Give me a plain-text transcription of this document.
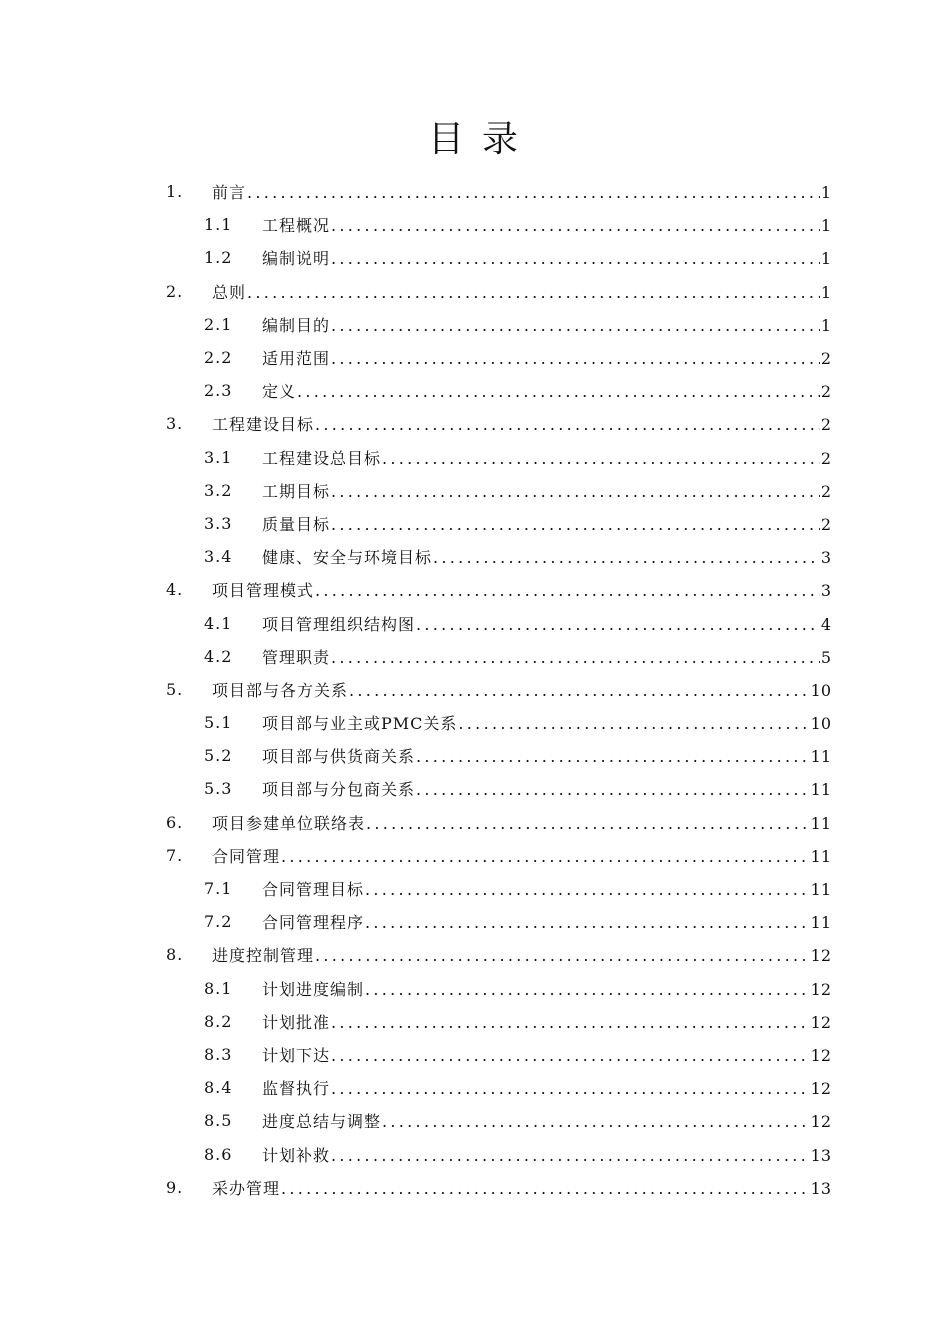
目录
1. 前言 .....	1
1.1 工程概况 .....	1
1.2 编制说明 .....	1
2. 总则 .....	1
2.1 编制目的 .....	1
2.2 适用范围 .....	2
2.3 定义 .....	2
3. 工程建设目标 .....	2
3.1 工程建设总目标 .....	2
3.2 工期目标 .....	2
3.3 质量目标 .....	2
3.4 健康、安全与环境目标 .....	3
4. 项目管理模式 .....	3
4.1 项目管理组织结构图 .....	4
4.2 管理职责 .....	5
5. 项目部与各方关系 .....	10
5.1 项目部与业主或PMC关系 .....	10
5.2 项目部与供货商关系 .....	11
5.3 项目部与分包商关系 .....	11
6. 项目参建单位联络表 .....	11
7. 合同管理 .....	11
7.1 合同管理目标 .....	11
7.2 合同管理程序 .....	11
8. 进度控制管理 .....	12
8.1 计划进度编制 .....	12
8.2 计划批准 .....	12
8.3 计划下达 .....	12
8.4 监督执行 .....	12
8.5 进度总结与调整 .....	12
8.6 计划补救 .....	13
9. 采办管理 .....	13
